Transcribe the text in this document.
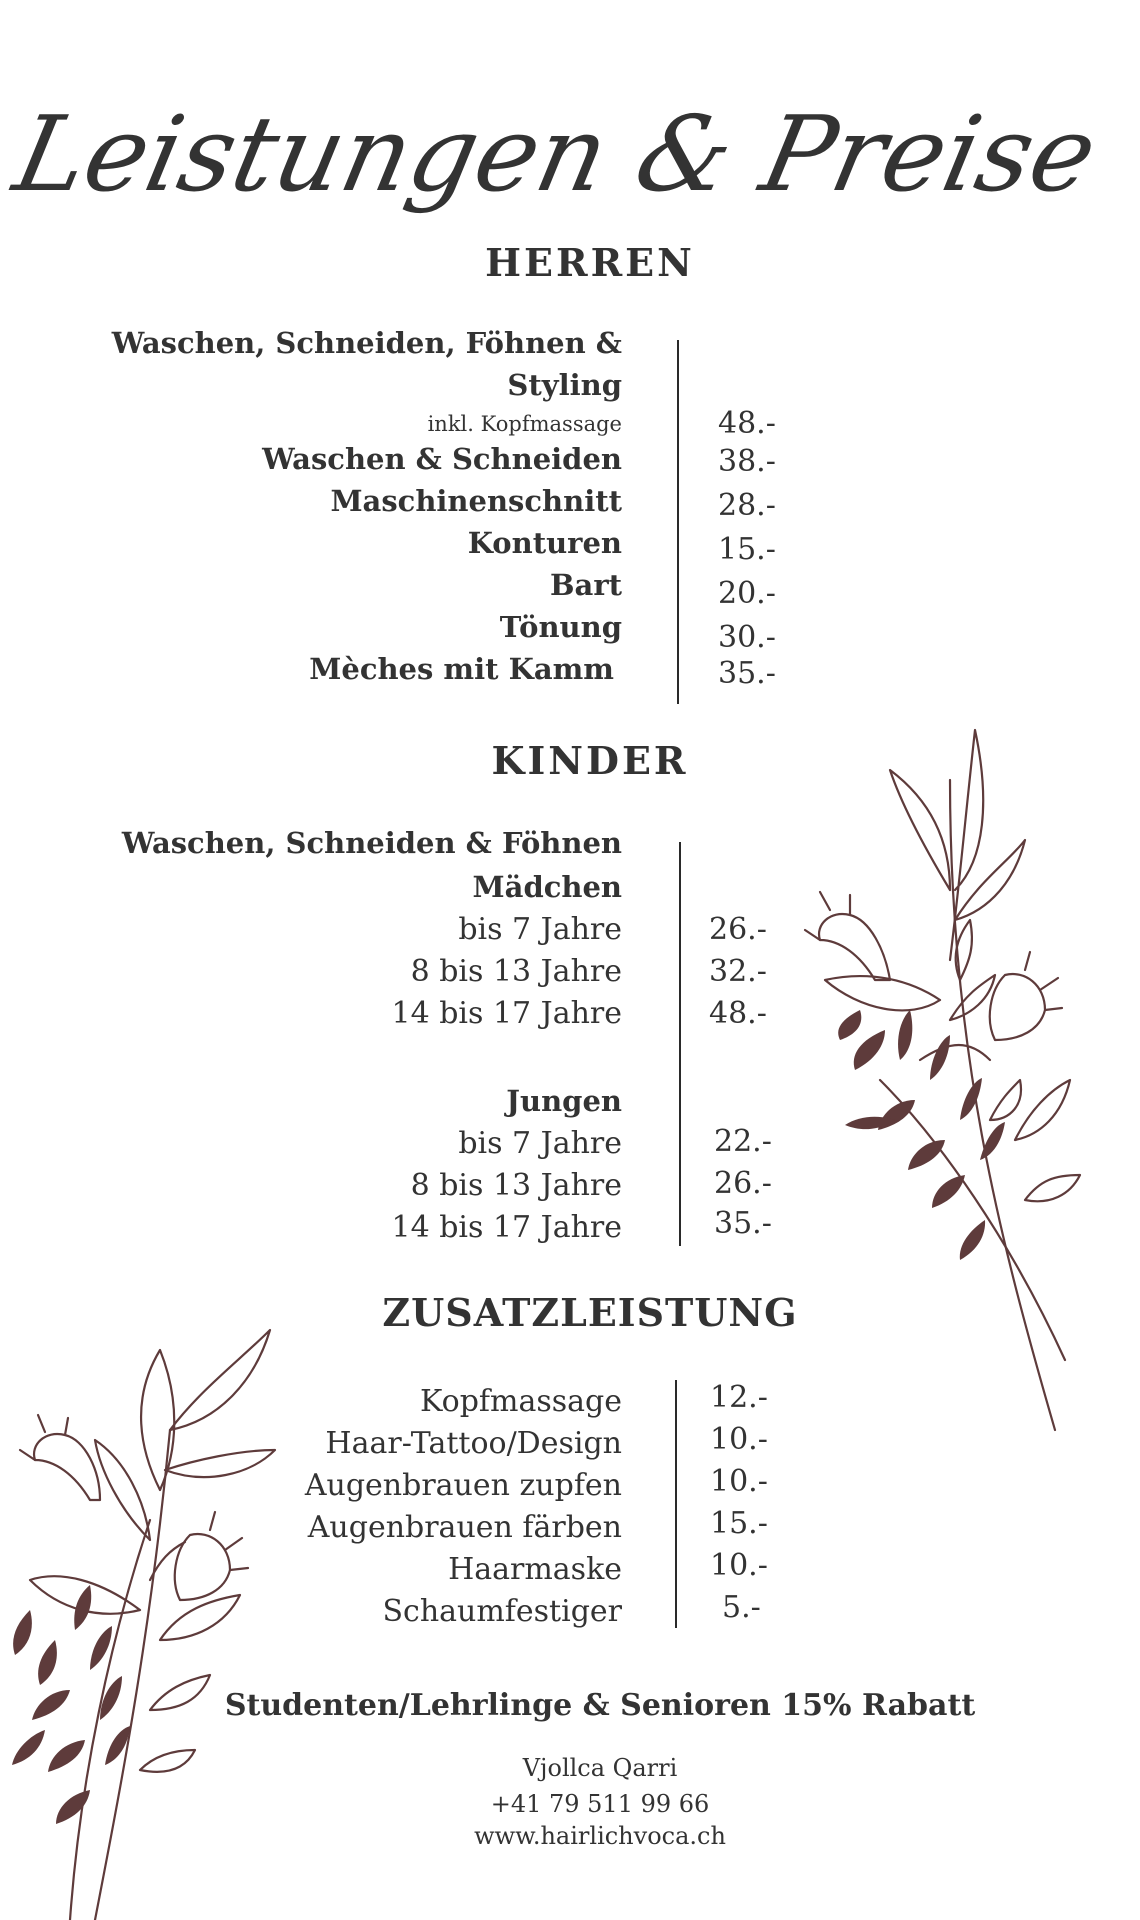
Leistungen & Preise
HERREN
Waschen, Schneiden, Föhnen &
Styling
inkl. Kopfmassage	48.-
Waschen & Schneiden	38.-
Maschinenschnitt	28.-
Konturen	15.-
Bart	20.-
Tönung	30.-
Mèches mit Kamm	35.-
KINDER
Waschen, Schneiden & Föhnen
Mädchen
bis 7 Jahre	26.-
8 bis 13 Jahre	32.-
14 bis 17 Jahre	48.-
Jungen
bis 7 Jahre	22.-
8 bis 13 Jahre	26.-
14 bis 17 Jahre	35.-
ZUSATZLEISTUNG
Kopfmassage	12.-
Haar-Tattoo/Design	10.-
Augenbrauen zupfen	10.-
Augenbrauen färben	15.-
Haarmaske	10.-
Schaumfestiger	5.-
Studenten/Lehrlinge & Senioren 15% Rabatt
Vjollca Qarri
+41 79 511 99 66
www.hairlichvoca.ch
